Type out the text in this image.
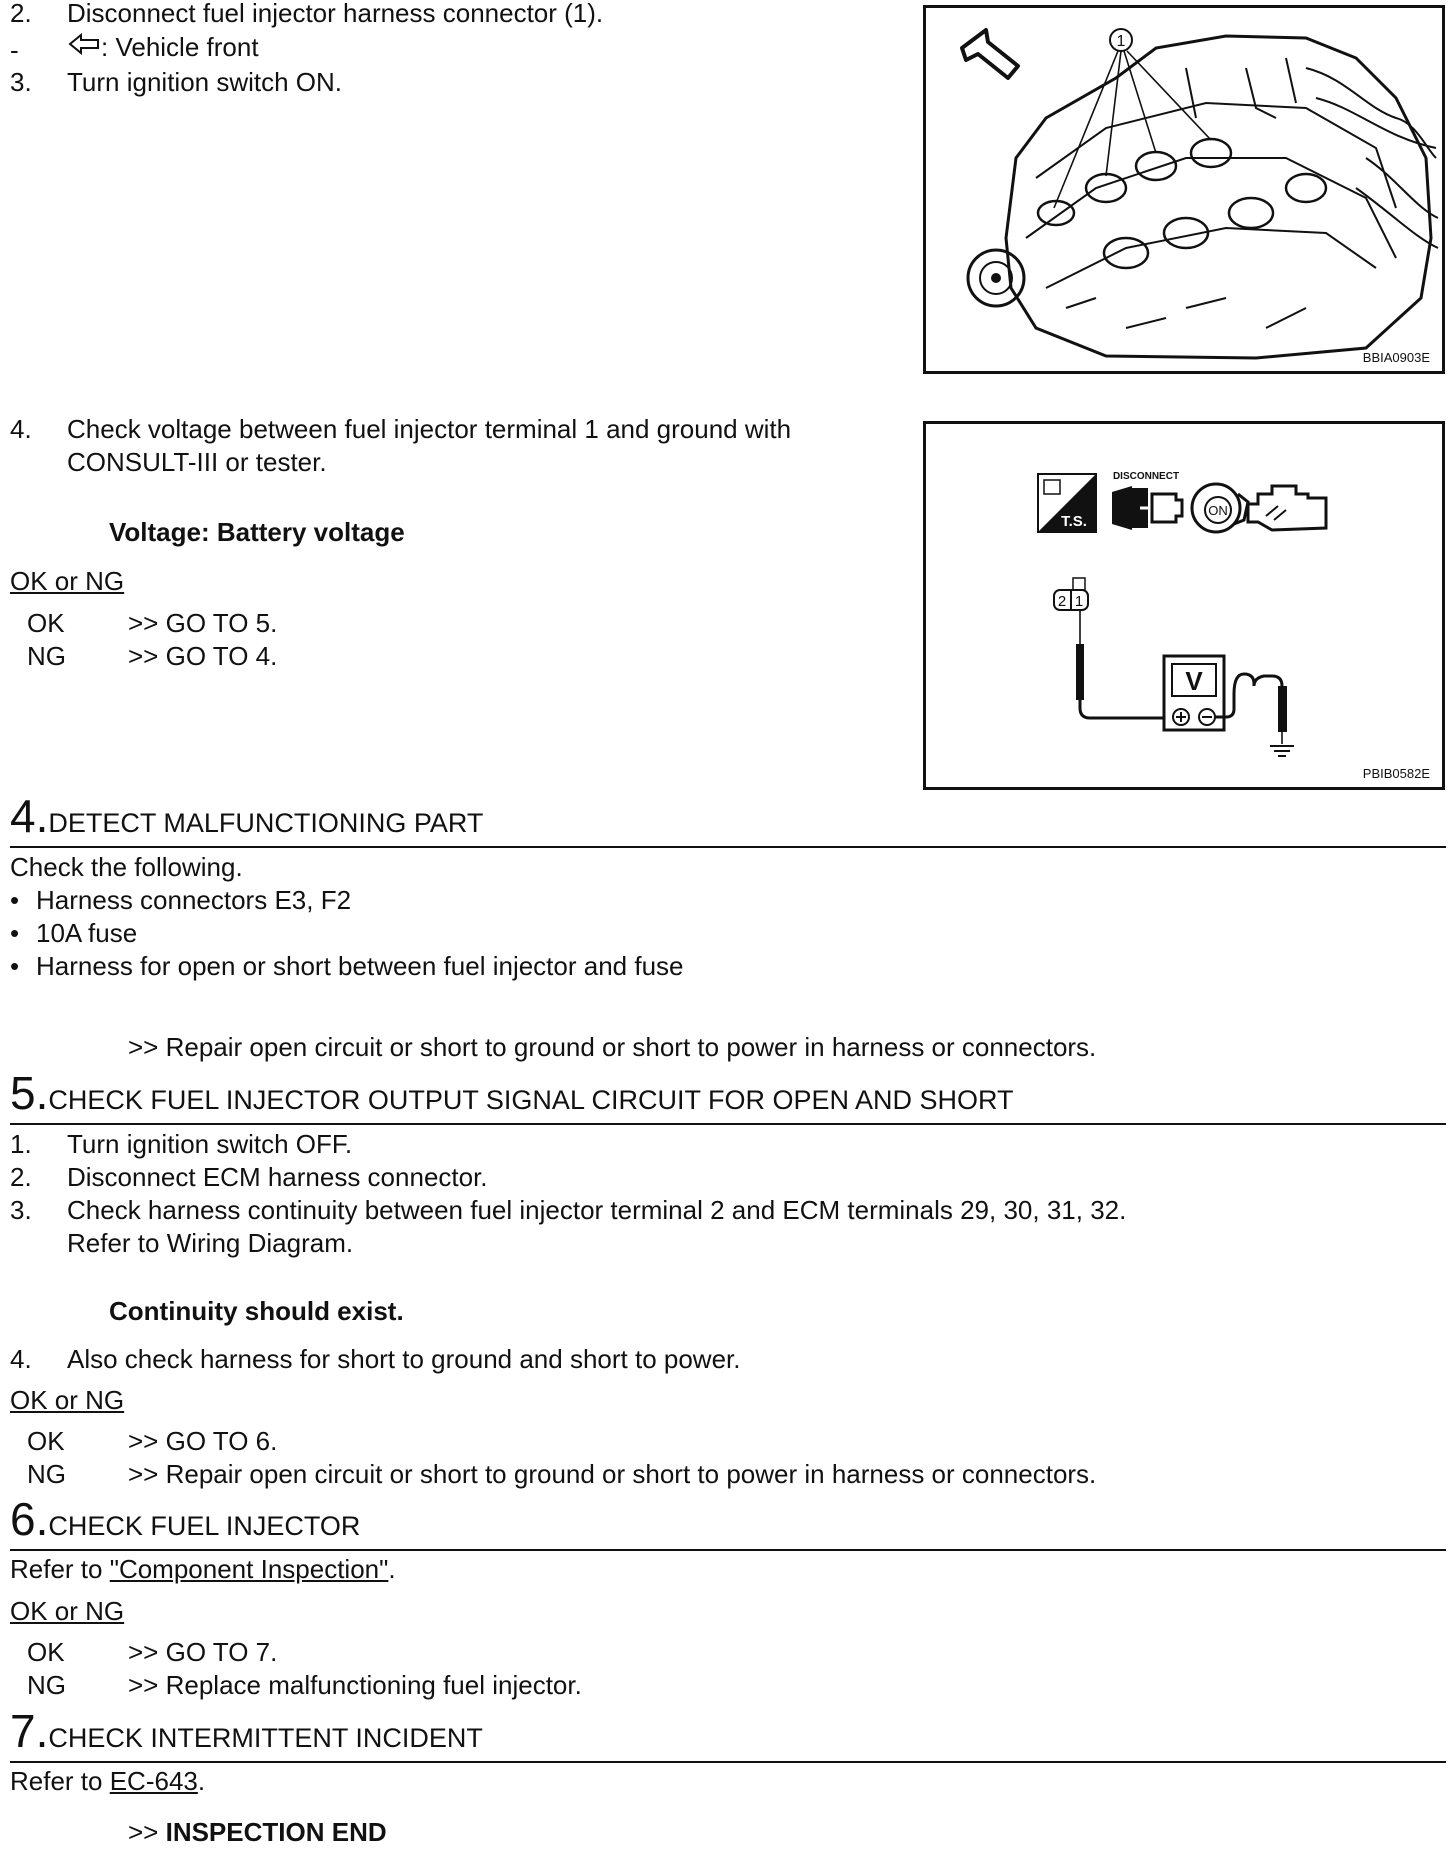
2. Disconnect fuel injector harness connector (1).
-	: Vehicle front
3. Turn ignition switch ON.
1
BBIA0903E
4. Check voltage between fuel injector terminal 1 and ground with
CONSULT-III or tester.
Voltage: Battery voltage
OK or NG
OK >> GO TO 5.
NG >> GO TO 4.
T.S.
DISCONNECT
ON
2 1
V
PBIB0582E
4.DETECT MALFUNCTIONING PART
Check the following.
• Harness connectors E3, F2
• 10A fuse
• Harness for open or short between fuel injector and fuse
>> Repair open circuit or short to ground or short to power in harness or connectors.
5.CHECK FUEL INJECTOR OUTPUT SIGNAL CIRCUIT FOR OPEN AND SHORT
1. Turn ignition switch OFF.
2. Disconnect ECM harness connector.
3. Check harness continuity between fuel injector terminal 2 and ECM terminals 29, 30, 31, 32.
Refer to Wiring Diagram.
Continuity should exist.
4. Also check harness for short to ground and short to power.
OK or NG
OK >> GO TO 6.
NG >> Repair open circuit or short to ground or short to power in harness or connectors.
6.CHECK FUEL INJECTOR
Refer to "Component Inspection".
OK or NG
OK >> GO TO 7.
NG >> Replace malfunctioning fuel injector.
7.CHECK INTERMITTENT INCIDENT
Refer to EC-643.
>> INSPECTION END
